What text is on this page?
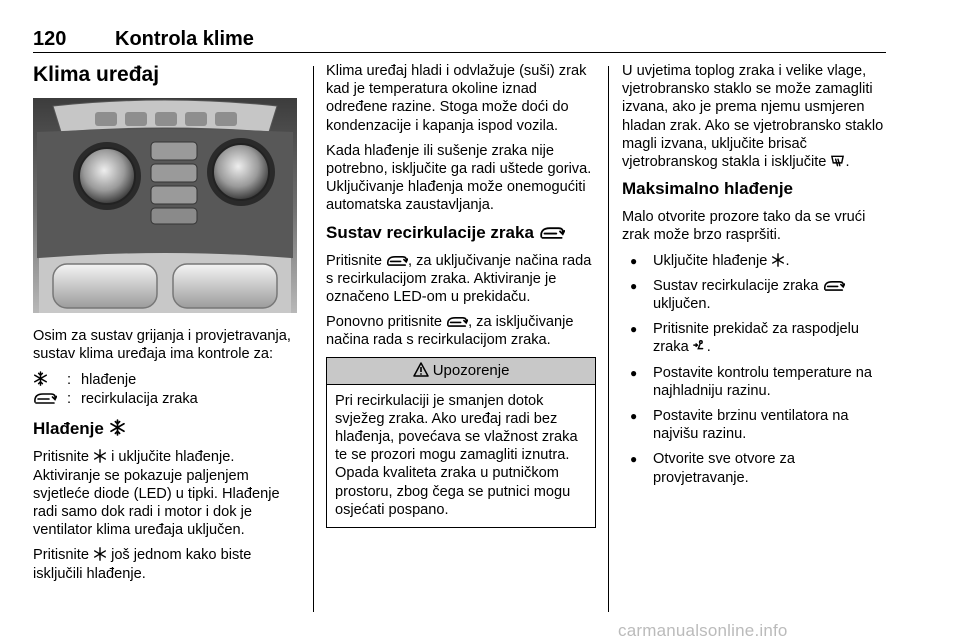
120 Kontrola klime
Klima uređaj

Osim za sustav grijanja i provjetravanja, sustav klima uređaja ima kontrole za:

: hlađenje
: recirkulacija zraka
Hlađenje

Pritisnite  i uključite hlađenje. Aktiviranje se pokazuje paljenjem svjetleće diode (LED) u tipki. Hlađenje radi samo dok radi i motor i dok je ventilator klima uređaja uključen.

Pritisnite  još jednom kako biste isključili hlađenje.

Klima uređaj hladi i odvlažuje (suši) zrak kad je temperatura okoline iznad određene razine. Stoga može doći do kondenzacije i kapanja ispod vozila.

Kada hlađenje ili sušenje zraka nije potrebno, isključite ga radi uštede goriva. Uključivanje hlađenja može onemogućiti automatska zaustavljanja.

Sustav recirkulacije zraka

Pritisnite , za uključivanje načina rada s recirkulacijom zraka. Aktiviranje je označeno LED-om u prekidaču.

Ponovno pritisnite , za isključivanje načina rada s recirkulacijom zraka.

Upozorenje
Pri recirkulaciji je smanjen dotok svježeg zraka. Ako uređaj radi bez hlađenja, povećava se vlažnost zraka te se prozori mogu zamagliti iznutra. Opada kvaliteta zraka u putničkom prostoru, zbog čega se putnici mogu osjećati pospano.

U uvjetima toplog zraka i velike vlage, vjetrobransko staklo se može zamagliti izvana, ako je prema njemu usmjeren hladan zrak. Ako se vjetrobransko staklo magli izvana, uključite brisač vjetrobranskog stakla i isključite .

Maksimalno hlađenje

Malo otvorite prozore tako da se vrući zrak može brzo raspršiti.

● Uključite hlađenje .
● Sustav recirkulacije zraka  uključen.
● Pritisnite prekidač za raspodjelu zraka .
● Postavite kontrolu temperature na najhladniju razinu.
● Postavite brzinu ventilatora na najvišu razinu.
● Otvorite sve otvore za provjetravanje.
carmanualsonline.info
